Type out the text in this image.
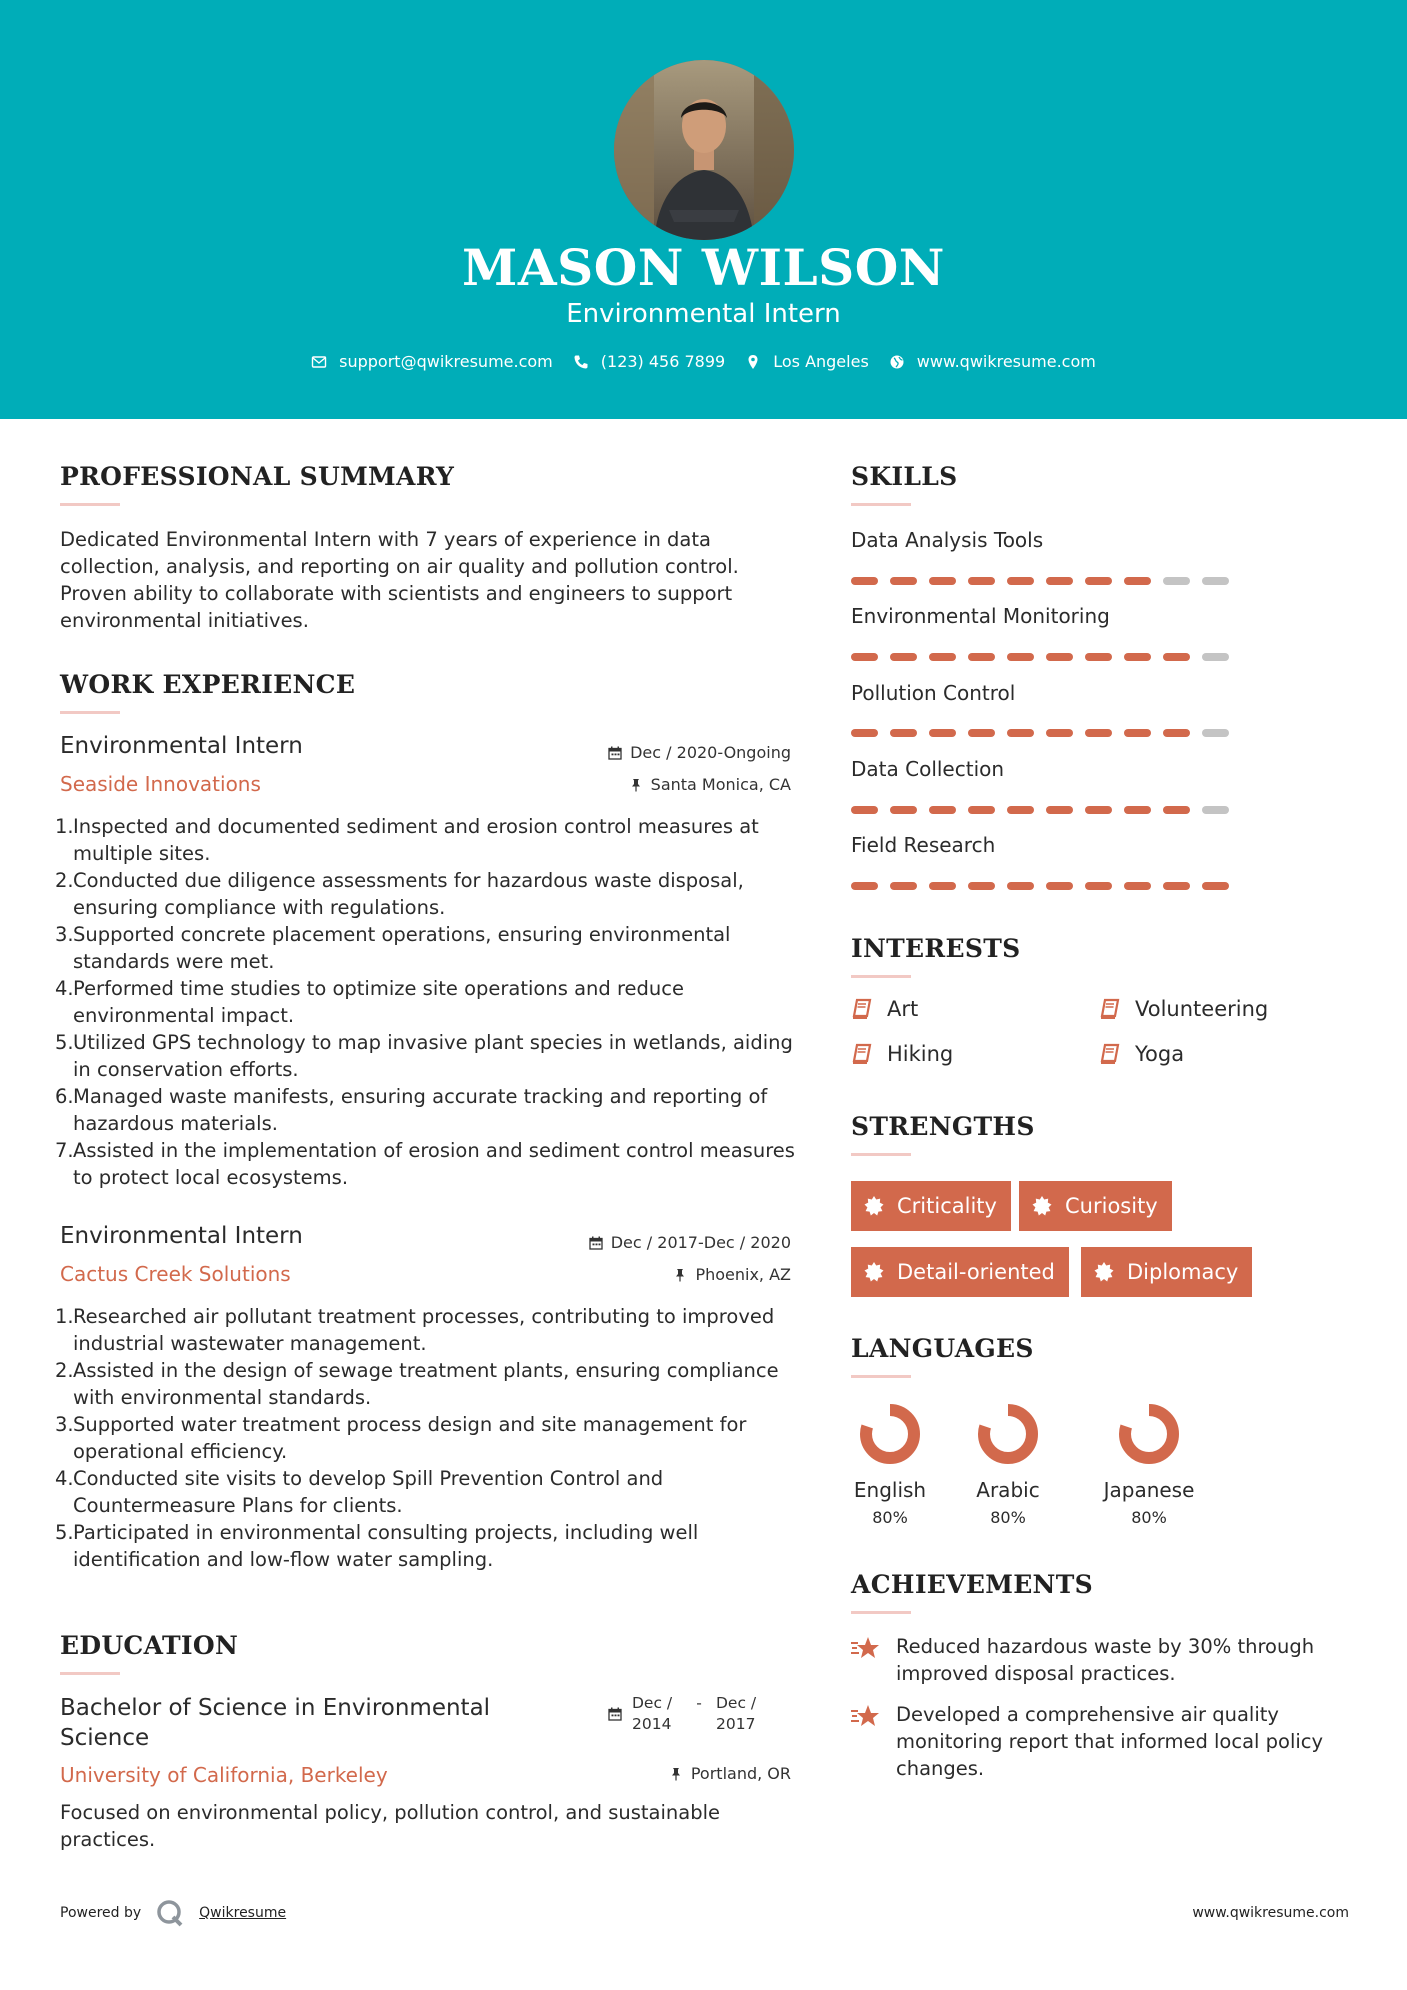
MASON WILSON
Environmental Intern
support@qwikresume.com	(123) 456 7899	Los Angeles	www.qwikresume.com
PROFESSIONAL SUMMARY
Dedicated Environmental Intern with 7 years of experience in data collection, analysis, and reporting on air quality and pollution control. Proven ability to collaborate with scientists and engineers to support environmental initiatives.
WORK EXPERIENCE
Environmental Intern
Seaside Innovations
Dec / 2020-Ongoing
Santa Monica, CA
1. Inspected and documented sediment and erosion control measures at multiple sites.
2. Conducted due diligence assessments for hazardous waste disposal, ensuring compliance with regulations.
3. Supported concrete placement operations, ensuring environmental standards were met.
4. Performed time studies to optimize site operations and reduce environmental impact.
5. Utilized GPS technology to map invasive plant species in wetlands, aiding in conservation efforts.
6. Managed waste manifests, ensuring accurate tracking and reporting of hazardous materials.
7. Assisted in the implementation of erosion and sediment control measures to protect local ecosystems.
Environmental Intern
Cactus Creek Solutions
Dec / 2017-Dec / 2020
Phoenix, AZ
1. Researched air pollutant treatment processes, contributing to improved industrial wastewater management.
2. Assisted in the design of sewage treatment plants, ensuring compliance with environmental standards.
3. Supported water treatment process design and site management for operational efficiency.
4. Conducted site visits to develop Spill Prevention Control and Countermeasure Plans for clients.
5. Participated in environmental consulting projects, including well identification and low-flow water sampling.
EDUCATION
Bachelor of Science in Environmental Science
Dec / 2014
- Dec / 2017
University of California, Berkeley	Portland, OR
Focused on environmental policy, pollution control, and sustainable practices.
SKILLS
Data Analysis Tools
Environmental Monitoring
Pollution Control
Data Collection
Field Research
INTERESTS
Art	Volunteering
Hiking	Yoga
STRENGTHS
Criticality	Curiosity
Detail-oriented	Diplomacy
LANGUAGES
English
80%
Arabic
80%
Japanese
80%
ACHIEVEMENTS
Reduced hazardous waste by 30% through improved disposal practices.
Developed a comprehensive air quality monitoring report that informed local policy changes.
Powered by	Qwikresume	www.qwikresume.com
